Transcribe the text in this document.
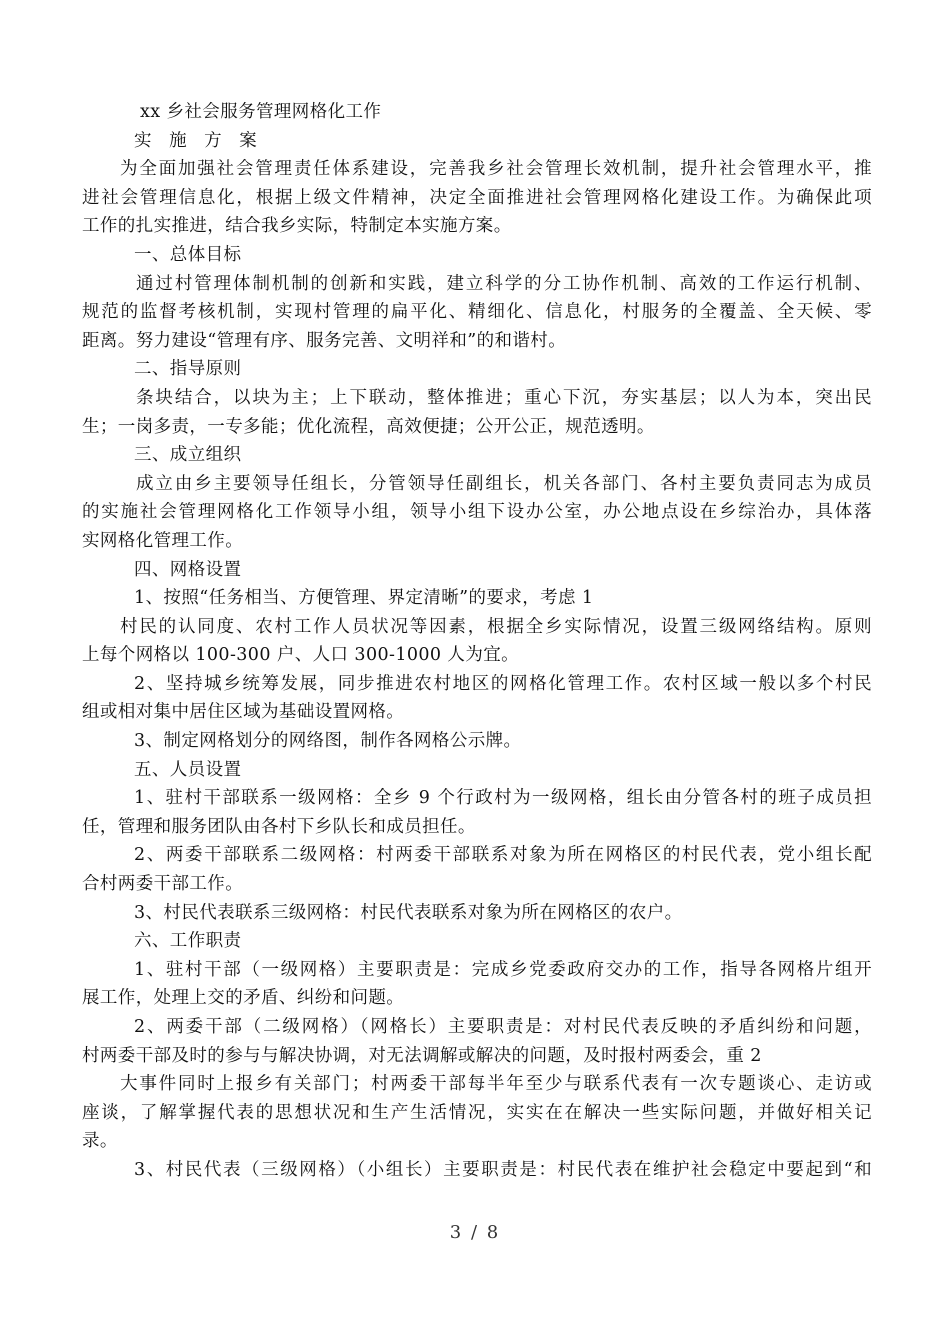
xx 乡社会服务管理网格化工作
实 施 方 案
为全面加强社会管理责任体系建设，完善我乡社会管理长效机制，提升社会管理水平，推
进社会管理信息化，根据上级文件精神，决定全面推进社会管理网格化建设工作。为确保此项
工作的扎实推进，结合我乡实际，特制定本实施方案。
一、总体目标
通过村管理体制机制的创新和实践，建立科学的分工协作机制、高效的工作运行机制、
规范的监督考核机制，实现村管理的扁平化、精细化、信息化，村服务的全覆盖、全天候、零
距离。努力建设“管理有序、服务完善、文明祥和”的和谐村。
二、指导原则
条块结合，以块为主；上下联动，整体推进；重心下沉，夯实基层；以人为本，突出民
生；一岗多责，一专多能；优化流程，高效便捷；公开公正，规范透明。
三、成立组织
成立由乡主要领导任组长，分管领导任副组长，机关各部门、各村主要负责同志为成员
的实施社会管理网格化工作领导小组，领导小组下设办公室，办公地点设在乡综治办，具体落
实网格化管理工作。
四、网格设置
1、按照“任务相当、方便管理、界定清晰”的要求，考虑 1
村民的认同度、农村工作人员状况等因素，根据全乡实际情况，设置三级网络结构。原则
上每个网格以 100-300 户、人口 300-1000 人为宜。
2、坚持城乡统筹发展，同步推进农村地区的网格化管理工作。农村区域一般以多个村民
组或相对集中居住区域为基础设置网格。
3、制定网格划分的网络图，制作各网格公示牌。
五、人员设置
1、驻村干部联系一级网格：全乡 9 个行政村为一级网格，组长由分管各村的班子成员担
任，管理和服务团队由各村下乡队长和成员担任。
2、两委干部联系二级网格：村两委干部联系对象为所在网格区的村民代表，党小组长配
合村两委干部工作。
3、村民代表联系三级网格：村民代表联系对象为所在网格区的农户。
六、工作职责
1、驻村干部（一级网格）主要职责是：完成乡党委政府交办的工作，指导各网格片组开
展工作，处理上交的矛盾、纠纷和问题。
2、两委干部（二级网格）（网格长）主要职责是：对村民代表反映的矛盾纠纷和问题，
村两委干部及时的参与与解决协调，对无法调解或解决的问题，及时报村两委会，重 2
大事件同时上报乡有关部门；村两委干部每半年至少与联系代表有一次专题谈心、走访或
座谈，了解掌握代表的思想状况和生产生活情况，实实在在解决一些实际问题，并做好相关记
录。
3、村民代表（三级网格）（小组长）主要职责是：村民代表在维护社会稳定中要起到“和
3 / 8
